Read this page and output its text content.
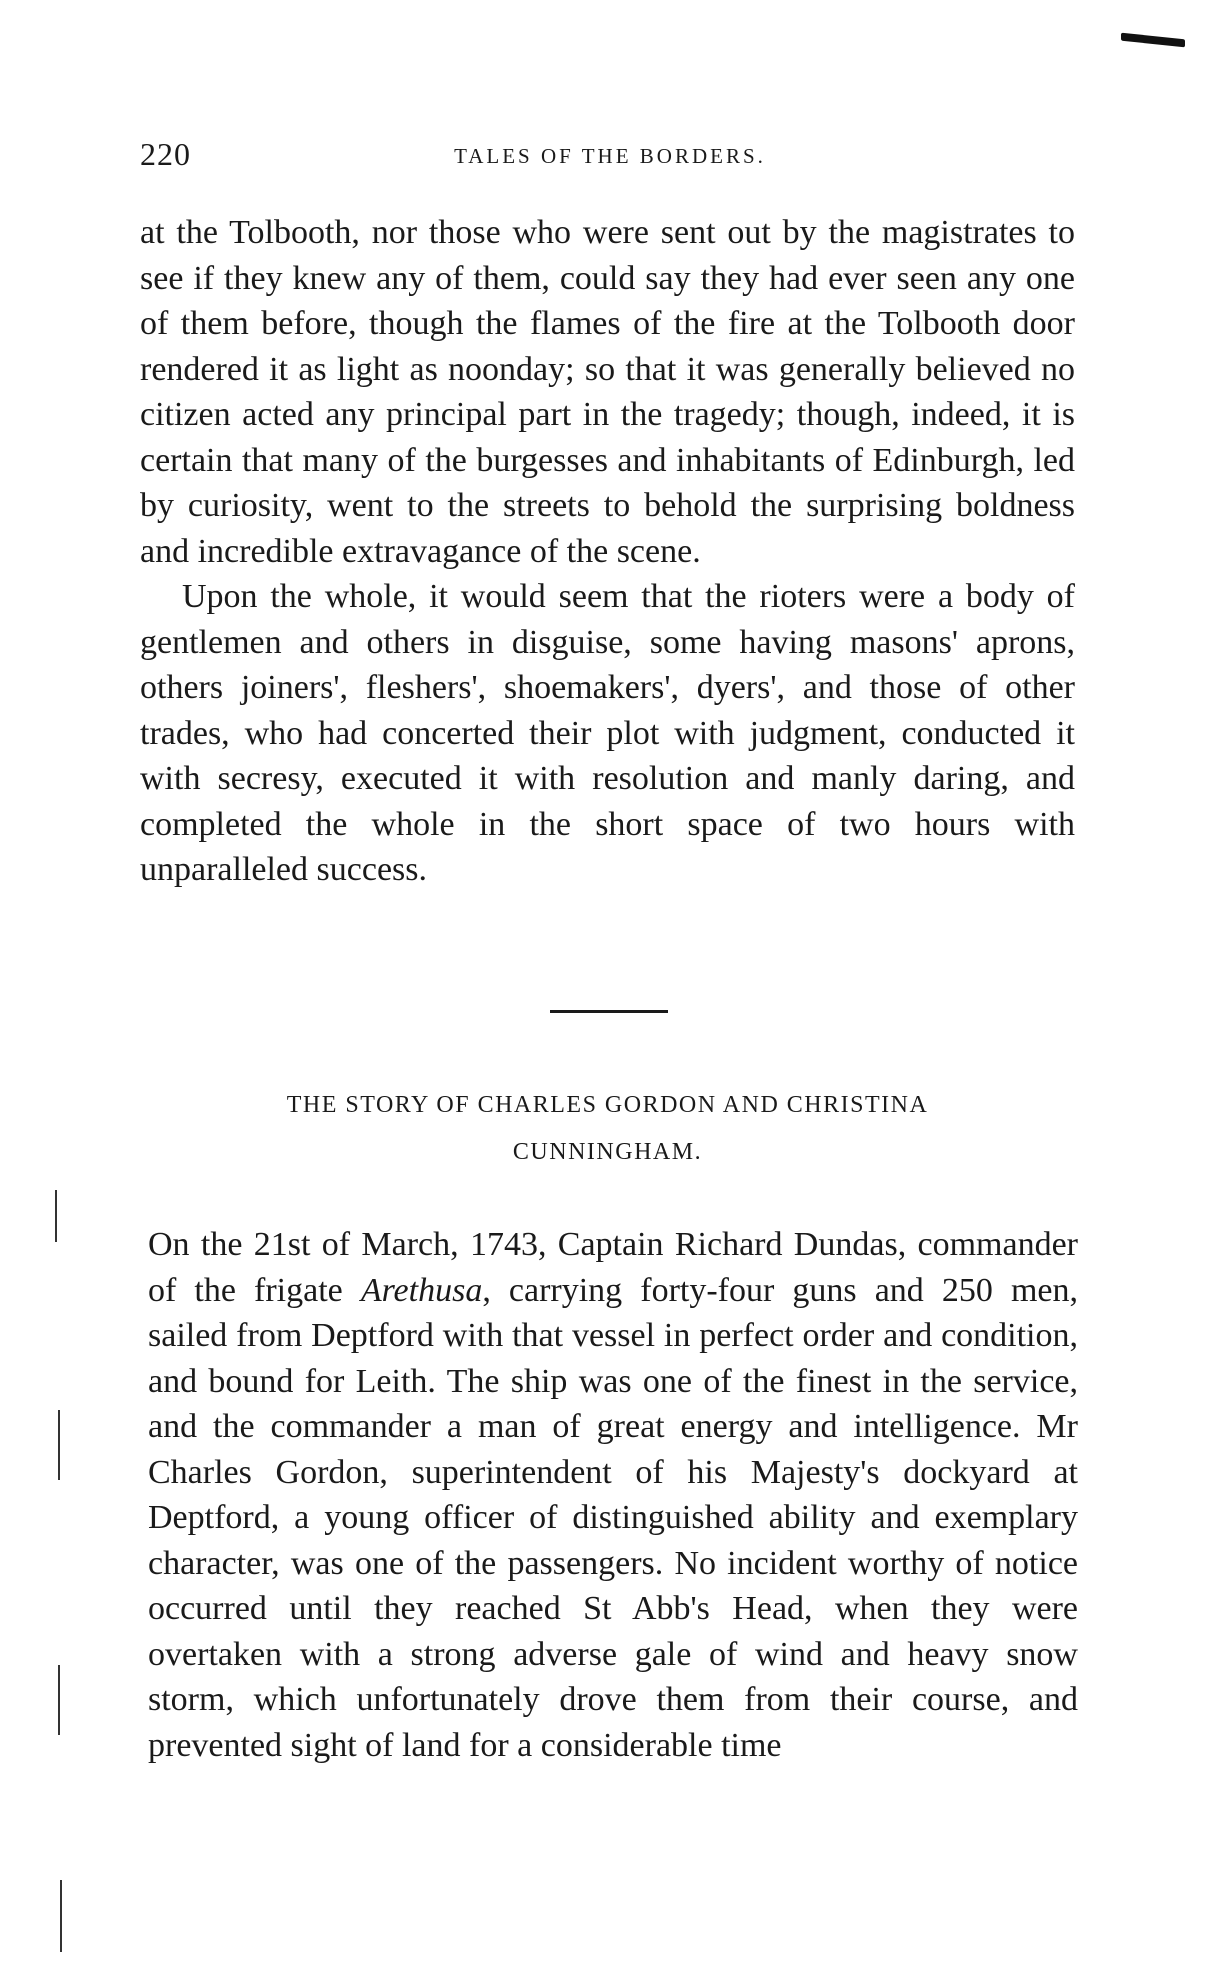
220	TALES OF THE BORDERS.

at the Tolbooth, nor those who were sent out by the magistrates to see if they knew any of them, could say they had ever seen any one of them before, though the flames of the fire at the Tolbooth door rendered it as light as noonday; so that it was generally believed no citizen acted any principal part in the tragedy; though, indeed, it is certain that many of the burgesses and inhabitants of Edinburgh, led by curiosity, went to the streets to behold the surprising boldness and incredible extravagance of the scene.

Upon the whole, it would seem that the rioters were a body of gentlemen and others in disguise, some having masons' aprons, others joiners', fleshers', shoemakers', dyers', and those of other trades, who had concerted their plot with judgment, conducted it with secresy, executed it with resolution and manly daring, and completed the whole in the short space of two hours with unparalleled success.

THE STORY OF CHARLES GORDON AND CHRISTINA
CUNNINGHAM.

On the 21st of March, 1743, Captain Richard Dundas, commander of the frigate Arethusa, carrying forty-four guns and 250 men, sailed from Deptford with that vessel in perfect order and condition, and bound for Leith. The ship was one of the finest in the service, and the commander a man of great energy and intelligence. Mr Charles Gordon, superintendent of his Majesty's dockyard at Deptford, a young officer of distinguished ability and exemplary character, was one of the passengers. No incident worthy of notice occurred until they reached St Abb's Head, when they were overtaken with a strong adverse gale of wind and heavy snow storm, which unfortunately drove them from their course, and prevented sight of land for a considerable time
